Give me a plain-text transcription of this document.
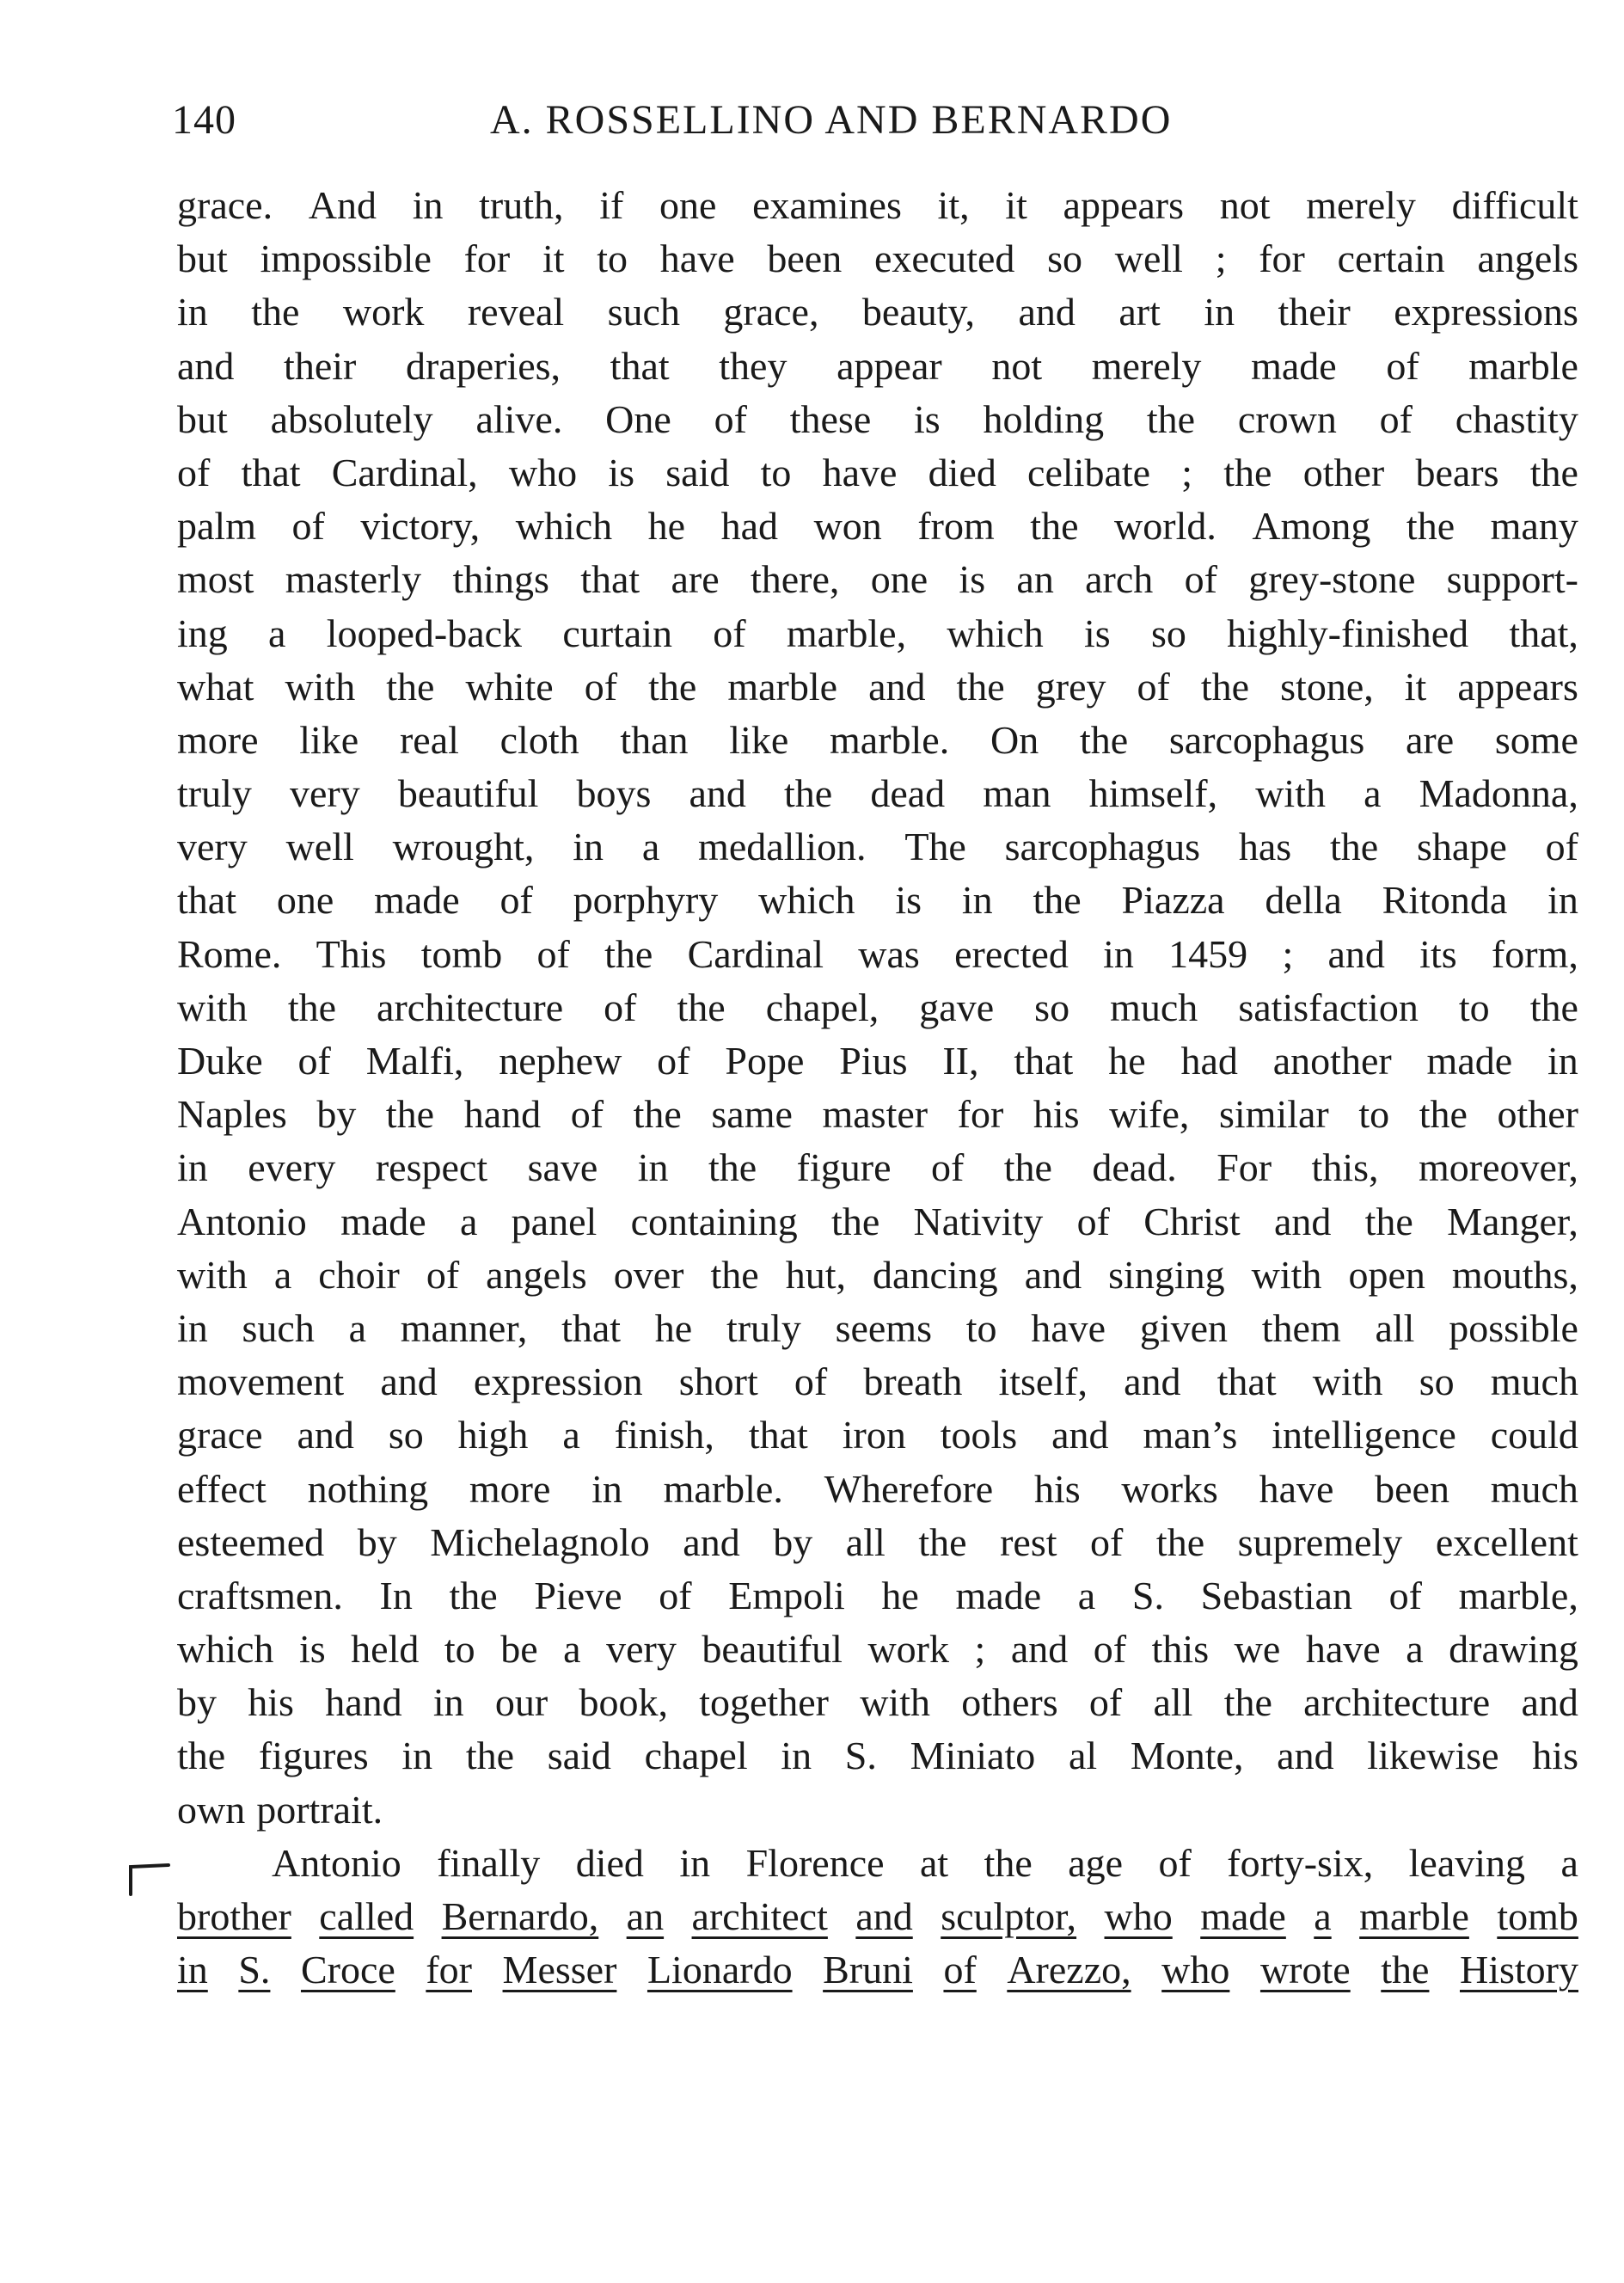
140	A. ROSSELLINO AND BERNARDO
grace. And in truth, if one examines it, it appears not merely difficult
but impossible for it to have been executed so well ; for certain angels
in the work reveal such grace, beauty, and art in their expressions
and their draperies, that they appear not merely made of marble
but absolutely alive. One of these is holding the crown of chastity
of that Cardinal, who is said to have died celibate ; the other bears the
palm of victory, which he had won from the world. Among the many
most masterly things that are there, one is an arch of grey-stone support-
ing a looped-back curtain of marble, which is so highly-finished that,
what with the white of the marble and the grey of the stone, it appears
more like real cloth than like marble. On the sarcophagus are some
truly very beautiful boys and the dead man himself, with a Madonna,
very well wrought, in a medallion. The sarcophagus has the shape of
that one made of porphyry which is in the Piazza della Ritonda in
Rome. This tomb of the Cardinal was erected in 1459 ; and its form,
with the architecture of the chapel, gave so much satisfaction to the
Duke of Malfi, nephew of Pope Pius II, that he had another made in
Naples by the hand of the same master for his wife, similar to the other
in every respect save in the figure of the dead. For this, moreover,
Antonio made a panel containing the Nativity of Christ and the Manger,
with a choir of angels over the hut, dancing and singing with open mouths,
in such a manner, that he truly seems to have given them all possible
movement and expression short of breath itself, and that with so much
grace and so high a finish, that iron tools and man’s intelligence could
effect nothing more in marble. Wherefore his works have been much
esteemed by Michelagnolo and by all the rest of the supremely excellent
craftsmen. In the Pieve of Empoli he made a S. Sebastian of marble,
which is held to be a very beautiful work ; and of this we have a drawing
by his hand in our book, together with others of all the architecture and
the figures in the said chapel in S. Miniato al Monte, and likewise his
own portrait.
Antonio finally died in Florence at the age of forty-six, leaving a
brother called Bernardo, an architect and sculptor, who made a marble tomb
in S. Croce for Messer Lionardo Bruni of Arezzo, who wrote the History
